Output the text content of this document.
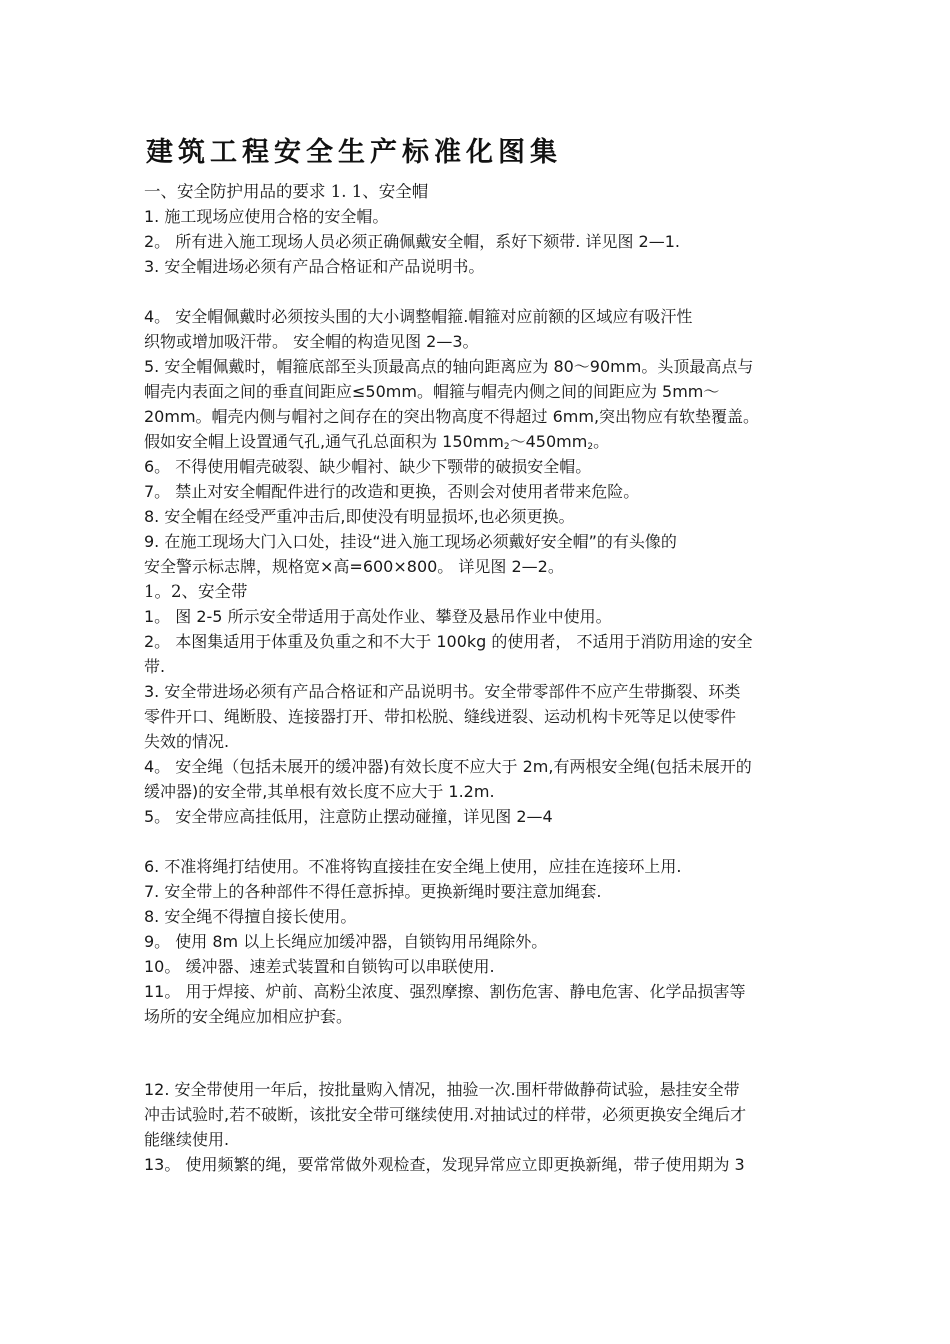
建筑工程安全生产标准化图集
一、安全防护用品的要求 1. 1、安全帽
1. 施工现场应使用合格的安全帽。
2。 所有进入施工现场人员必须正确佩戴安全帽，系好下颏带. 详见图 2—1.
3. 安全帽进场必须有产品合格证和产品说明书。
4。 安全帽佩戴时必须按头围的大小调整帽箍.帽箍对应前额的区域应有吸汗性
织物或增加吸汗带。 安全帽的构造见图 2—3。
5. 安全帽佩戴时，帽箍底部至头顶最高点的轴向距离应为 80～90mm。头顶最高点与
帽壳内表面之间的垂直间距应≤50mm。帽箍与帽壳内侧之间的间距应为 5mm～
20mm。帽壳内侧与帽衬之间存在的突出物高度不得超过 6mm,突出物应有软垫覆盖。
假如安全帽上设置通气孔,通气孔总面积为 $150mm_2\sim 450mm_2$。
6。 不得使用帽壳破裂、缺少帽衬、缺少下颚带的破损安全帽。
7。 禁止对安全帽配件进行的改造和更换，否则会对使用者带来危险。
8. 安全帽在经受严重冲击后,即使没有明显损坏,也必须更换。
9. 在施工现场大门入口处，挂设“进入施工现场必须戴好安全帽”的有头像的
安全警示标志牌，规格宽×高=600×800。 详见图 2—2。
1。2、安全带
1。 图 2-5 所示安全带适用于高处作业、攀登及悬吊作业中使用。
2。 本图集适用于体重及负重之和不大于 100kg 的使用者， 不适用于消防用途的安全
带.
3. 安全带进场必须有产品合格证和产品说明书。安全带零部件不应产生带撕裂、环类
零件开口、绳断股、连接器打开、带扣松脱、缝线迸裂、运动机构卡死等足以使零件
失效的情况.
4。 安全绳（包括未展开的缓冲器)有效长度不应大于 2m,有两根安全绳(包括未展开的
缓冲器)的安全带,其单根有效长度不应大于 1.2m.
5。 安全带应高挂低用，注意防止摆动碰撞，详见图 2—4
6. 不准将绳打结使用。不准将钩直接挂在安全绳上使用，应挂在连接环上用.
7. 安全带上的各种部件不得任意拆掉。更换新绳时要注意加绳套.
8. 安全绳不得擅自接长使用。
9。 使用 8m 以上长绳应加缓冲器，自锁钩用吊绳除外。
10。 缓冲器、速差式装置和自锁钩可以串联使用.
11。 用于焊接、炉前、高粉尘浓度、强烈摩擦、割伤危害、静电危害、化学品损害等
场所的安全绳应加相应护套。
12. 安全带使用一年后，按批量购入情况，抽验一次.围杆带做静荷试验，悬挂安全带
冲击试验时,若不破断，该批安全带可继续使用.对抽试过的样带，必须更换安全绳后才
能继续使用.
13。 使用频繁的绳，要常常做外观检查，发现异常应立即更换新绳，带子使用期为 3
